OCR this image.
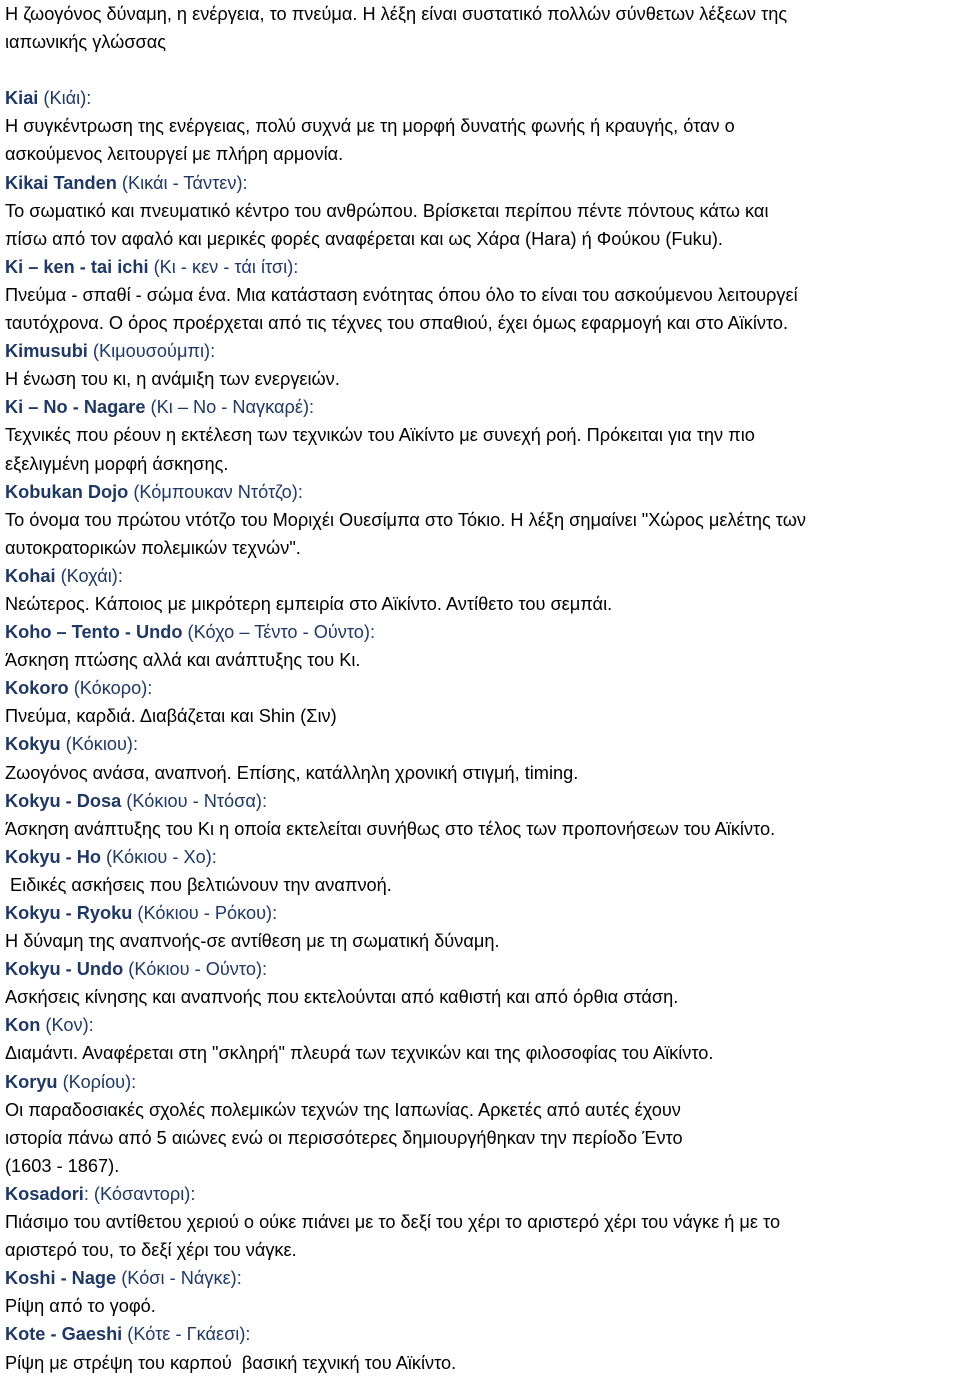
Η ζωογόνος δύναμη, η ενέργεια, το πνεύμα. Η λέξη είναι συστατικό πολλών σύνθετων λέξεων της
ιαπωνικής γλώσσας
Kiai (Κιάι):
Η συγκέντρωση της ενέργειας, πολύ συχνά με τη μορφή δυνατής φωνής ή κραυγής, όταν ο
ασκούμενος λειτουργεί με πλήρη αρμονία.
Kikai Tanden (Κικάι - Τάντεν):
Το σωματικό και πνευματικό κέντρο του ανθρώπου. Βρίσκεται περίπου πέντε πόντους κάτω και
πίσω από τον αφαλό και μερικές φορές αναφέρεται και ως Χάρα (Hara) ή Φούκου (Fuku).
Ki – ken - tai ichi (Κι - κεν - τάι ίτσι):
Πνεύμα - σπαθί - σώμα ένα. Μια κατάσταση ενότητας όπου όλο το είναι του ασκούμενου λειτουργεί
ταυτόχρονα. Ο όρος προέρχεται από τις τέχνες του σπαθιού, έχει όμως εφαρμογή και στο Αϊκίντο.
Kimusubi (Κιμουσούμπι):
Η ένωση του κι, η ανάμιξη των ενεργειών.
Ki – No - Nagare (Κι – Νο - Ναγκαρέ):
Τεχνικές που ρέουν η εκτέλεση των τεχνικών του Αϊκίντο με συνεχή ροή. Πρόκειται για την πιο
εξελιγμένη μορφή άσκησης.
Kobukan Dojo (Κόμπουκαν Ντότζο):
Το όνομα του πρώτου ντότζο του Μοριχέι Ουεσίμπα στο Τόκιο. Η λέξη σημαίνει "Χώρος μελέτης των
αυτοκρατορικών πολεμικών τεχνών".
Kohai (Κοχάι):
Νεώτερος. Κάποιος με μικρότερη εμπειρία στο Αϊκίντο. Αντίθετο του σεμπάι.
Koho – Tento - Undo (Κόχο – Τέντο - Ούντο):
Άσκηση πτώσης αλλά και ανάπτυξης του Κι.
Kokoro (Κόκορο):
Πνεύμα, καρδιά. Διαβάζεται και Shin (Σιν)
Kokyu (Κόκιου):
Ζωογόνος ανάσα, αναπνοή. Επίσης, κατάλληλη χρονική στιγμή, timing.
Kokyu - Dosa (Κόκιου - Ντόσα):
Άσκηση ανάπτυξης του Κι η οποία εκτελείται συνήθως στο τέλος των προπονήσεων του Αϊκίντο.
Kokyu - Ho (Κόκιου - Χο):
Ειδικές ασκήσεις που βελτιώνουν την αναπνοή.
Kokyu - Ryoku (Κόκιου - Ρόκου):
Η δύναμη της αναπνοής-σε αντίθεση με τη σωματική δύναμη.
Kokyu - Undo (Κόκιου - Ούντο):
Ασκήσεις κίνησης και αναπνοής που εκτελούνται από καθιστή και από όρθια στάση.
Kon (Κον):
Διαμάντι. Αναφέρεται στη "σκληρή" πλευρά των τεχνικών και της φιλοσοφίας του Αϊκίντο.
Koryu (Κορίου):
Οι παραδοσιακές σχολές πολεμικών τεχνών της Ιαπωνίας. Αρκετές από αυτές έχουν
ιστορία πάνω από 5 αιώνες ενώ οι περισσότερες δημιουργήθηκαν την περίοδο Έντο
(1603 - 1867).
Kosadori: (Κόσαντορι):
Πιάσιμο του αντίθετου χεριού ο ούκε πιάνει με το δεξί του χέρι το αριστερό χέρι του νάγκε ή με το
αριστερό του, το δεξί χέρι του νάγκε.
Koshi - Nage (Κόσι - Νάγκε):
Ρίψη από το γοφό.
Kote - Gaeshi (Κότε - Γκάεσι):
Ρίψη με στρέψη του καρπού  βασική τεχνική του Αϊκίντο.
